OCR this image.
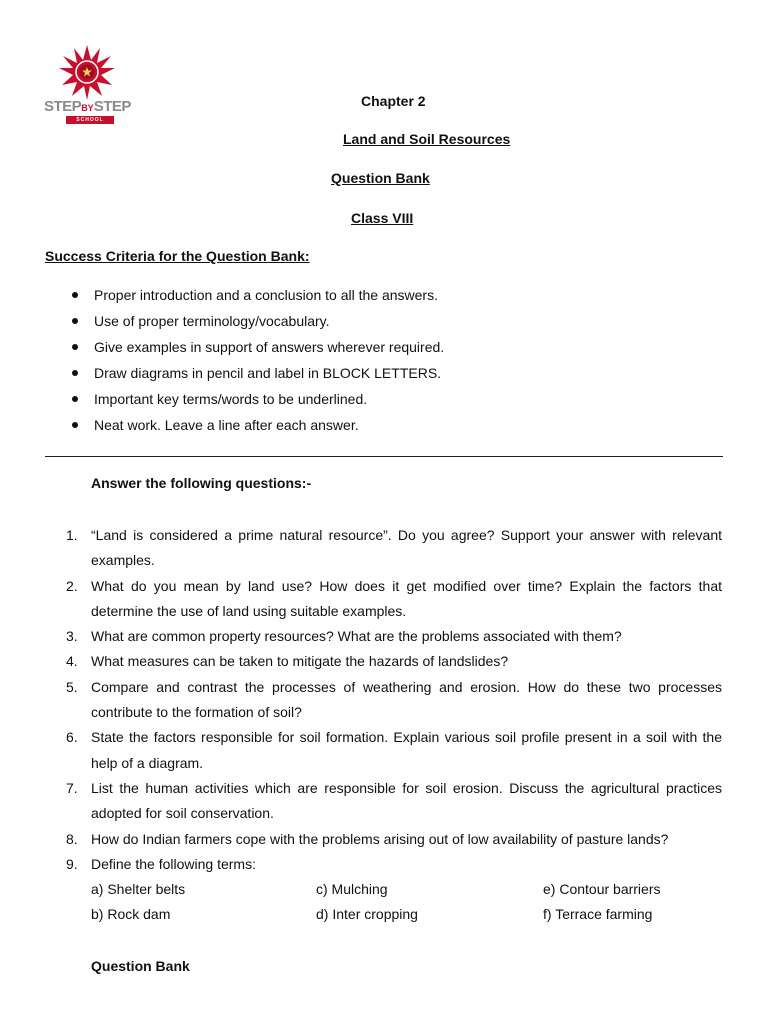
STEPBYSTEP
SCHOOL
Chapter 2
Land and Soil Resources
Question Bank
Class VIII
Success Criteria for the Question Bank:
Proper introduction and a conclusion to all the answers.
Use of proper terminology/vocabulary.
Give examples in support of answers wherever required.
Draw diagrams in pencil and label in BLOCK LETTERS.
Important key terms/words to be underlined.
Neat work. Leave a line after each answer.
Answer the following questions:-
1. “Land is considered a prime natural resource”. Do you agree? Support your answer with relevant examples.
2. What do you mean by land use? How does it get modified over time? Explain the factors that determine the use of land using suitable examples.
3. What are common property resources? What are the problems associated with them?
4. What measures can be taken to mitigate the hazards of landslides?
5. Compare and contrast the processes of weathering and erosion. How do these two processes contribute to the formation of soil?
6. State the factors responsible for soil formation. Explain various soil profile present in a soil with the help of a diagram.
7. List the human activities which are responsible for soil erosion. Discuss the agricultural practices adopted for soil conservation.
8. How do Indian farmers cope with the problems arising out of low availability of pasture lands?
9. Define the following terms:
a) Shelter belts	c) Mulching	e) Contour barriers
b) Rock dam	d) Inter cropping	f) Terrace farming
Question Bank
